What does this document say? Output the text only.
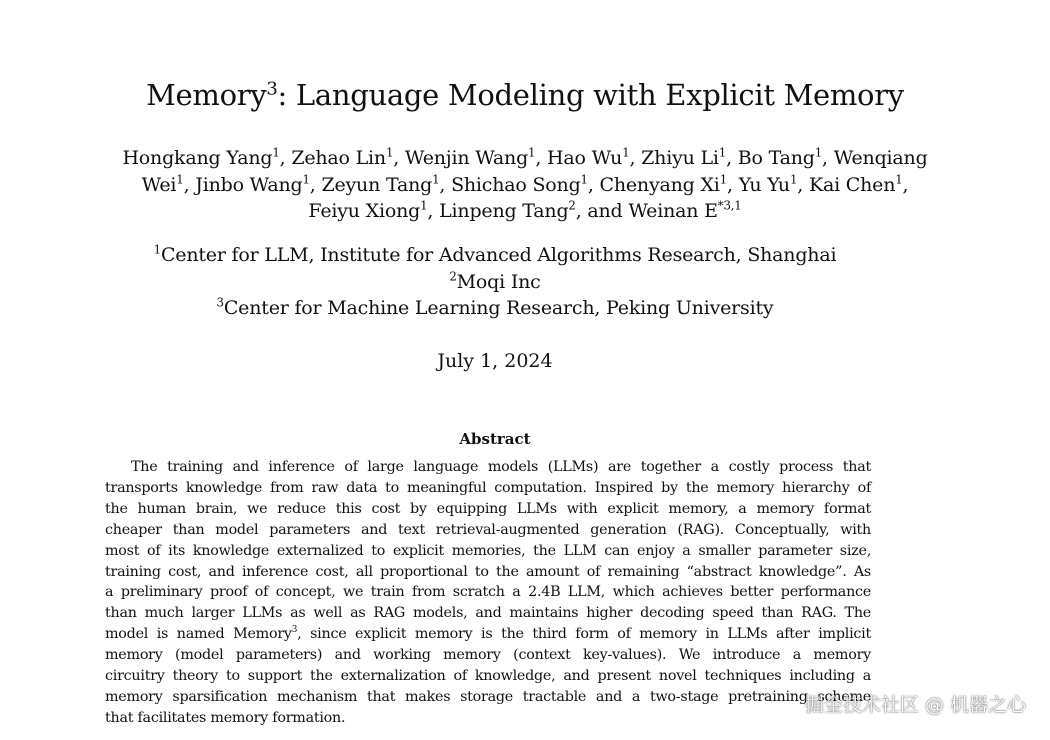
Memory$^3$: Language Modeling with Explicit Memory
Hongkang Yang$^1$, Zehao Lin$^1$, Wenjin Wang$^1$, Hao Wu$^1$, Zhiyu Li$^1$, Bo Tang$^1$, Wenqiang
Wei$^1$, Jinbo Wang$^1$, Zeyun Tang$^1$, Shichao Song$^1$, Chenyang Xi$^1$, Yu Yu$^1$, Kai Chen$^1$,
Feiyu Xiong$^1$, Linpeng Tang$^2$, and Weinan E$^{*3,1}$
$^1$Center for LLM, Institute for Advanced Algorithms Research, Shanghai
$^2$Moqi Inc
$^3$Center for Machine Learning Research, Peking University
July 1, 2024
Abstract
The training and inference of large language models (LLMs) are together a costly process that
transports knowledge from raw data to meaningful computation. Inspired by the memory hierarchy of
the human brain, we reduce this cost by equipping LLMs with explicit memory, a memory format
cheaper than model parameters and text retrieval-augmented generation (RAG). Conceptually, with
most of its knowledge externalized to explicit memories, the LLM can enjoy a smaller parameter size,
training cost, and inference cost, all proportional to the amount of remaining “abstract knowledge”. As
a preliminary proof of concept, we train from scratch a 2.4B LLM, which achieves better performance
than much larger LLMs as well as RAG models, and maintains higher decoding speed than RAG. The
model is named Memory$^3$, since explicit memory is the third form of memory in LLMs after implicit
memory (model parameters) and working memory (context key-values). We introduce a memory
circuitry theory to support the externalization of knowledge, and present novel techniques including a
memory sparsification mechanism that makes storage tractable and a two-stage pretraining scheme
that facilitates memory formation.
掘金技术社区 @ 机器之心
